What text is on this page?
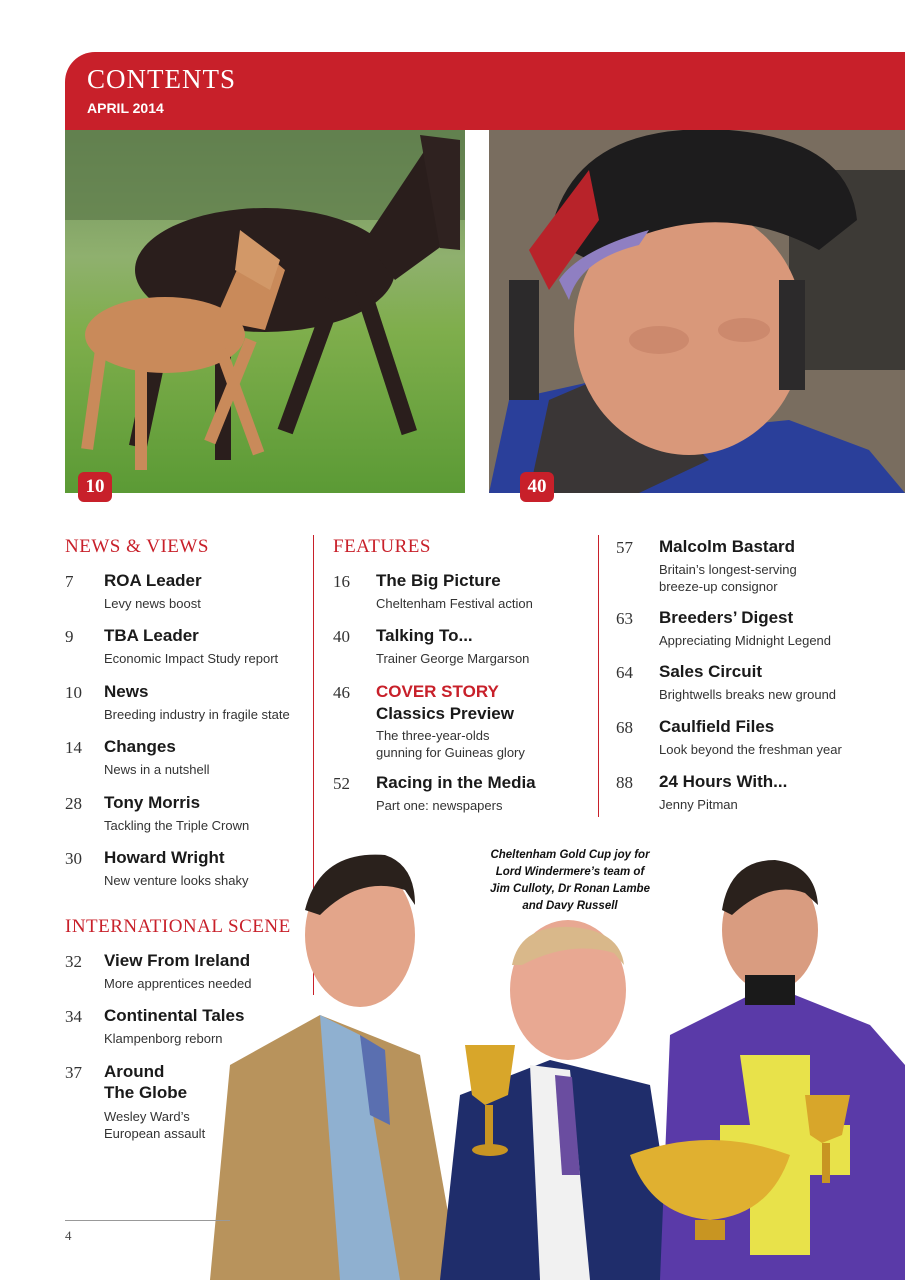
CONTENTS
APRIL 2014
10	40
NEWS & VIEWS
7 ROA Leader
Levy news boost
9 TBA Leader
Economic Impact Study report
10 News
Breeding industry in fragile state
14 Changes
News in a nutshell
28 Tony Morris
Tackling the Triple Crown
30 Howard Wright
New venture looks shaky
INTERNATIONAL SCENE
32 View From Ireland
More apprentices needed
34 Continental Tales
Klampenborg reborn
37 Around
The Globe
Wesley Ward’s
European assault
FEATURES
16 The Big Picture
Cheltenham Festival action
40 Talking To...
Trainer George Margarson
46 COVER STORY
Classics Preview
The three-year-olds
gunning for Guineas glory
52 Racing in the Media
Part one: newspapers
57 Malcolm Bastard
Britain’s longest-serving
breeze-up consignor
63 Breeders’ Digest
Appreciating Midnight Legend
64 Sales Circuit
Brightwells breaks new ground
68 Caulfield Files
Look beyond the freshman year
88 24 Hours With...
Jenny Pitman
Cheltenham Gold Cup joy for
Lord Windermere’s team of
Jim Culloty, Dr Ronan Lambe
and Davy Russell
4
